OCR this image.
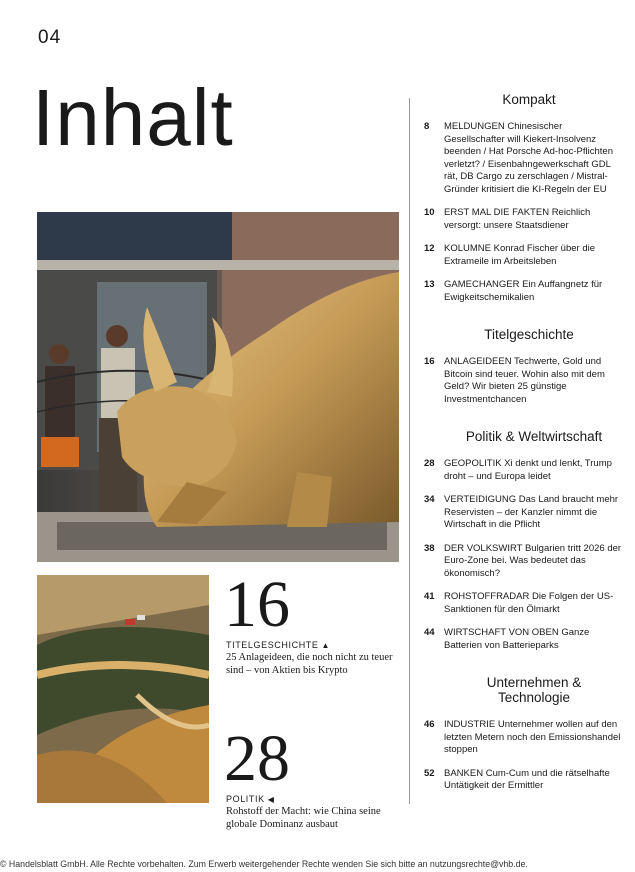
04
Inhalt
16
TITELGESCHICHTE ▲
25 Anlageideen, die noch nicht zu teuer sind – von Aktien bis Krypto
28
POLITIK ◀
Rohstoff der Macht: wie China seine globale Dominanz ausbaut
Kompakt
8	MELDUNGEN Chinesischer Gesellschafter will Kiekert-Insolvenz beenden / Hat Porsche Ad-hoc-Pflichten verletzt? / Eisenbahngewerkschaft GDL rät, DB Cargo zu zerschlagen / Mistral-Gründer kritisiert die KI-Regeln der EU
10 ERST MAL DIE FAKTEN Reichlich versorgt: unsere Staatsdiener
12 KOLUMNE Konrad Fischer über die Extrameile im Arbeitsleben
13 GAMECHANGER Ein Auffangnetz für Ewigkeitschemikalien
Titelgeschichte
16 ANLAGEIDEEN Techwerte, Gold und Bitcoin sind teuer. Wohin also mit dem Geld? Wir bieten 25 günstige Investmentchancen
Politik & Weltwirtschaft
28 GEOPOLITIK Xi denkt und lenkt, Trump droht – und Europa leidet
34 VERTEIDIGUNG Das Land braucht mehr Reservisten – der Kanzler nimmt die Wirtschaft in die Pflicht
38 DER VOLKSWIRT Bulgarien tritt 2026 der Euro-Zone bei. Was bedeutet das ökonomisch?
41 ROHSTOFFRADAR Die Folgen der US-Sanktionen für den Ölmarkt
44 WIRTSCHAFT VON OBEN Ganze Batterien von Batterieparks
Unternehmen & Technologie
46 INDUSTRIE Unternehmer wollen auf den letzten Metern noch den Emissionshandel stoppen
52 BANKEN Cum-Cum und die rätselhafte Untätigkeit der Ermittler
© Handelsblatt GmbH. Alle Rechte vorbehalten. Zum Erwerb weitergehender Rechte wenden Sie sich bitte an nutzungsrechte@vhb.de.
